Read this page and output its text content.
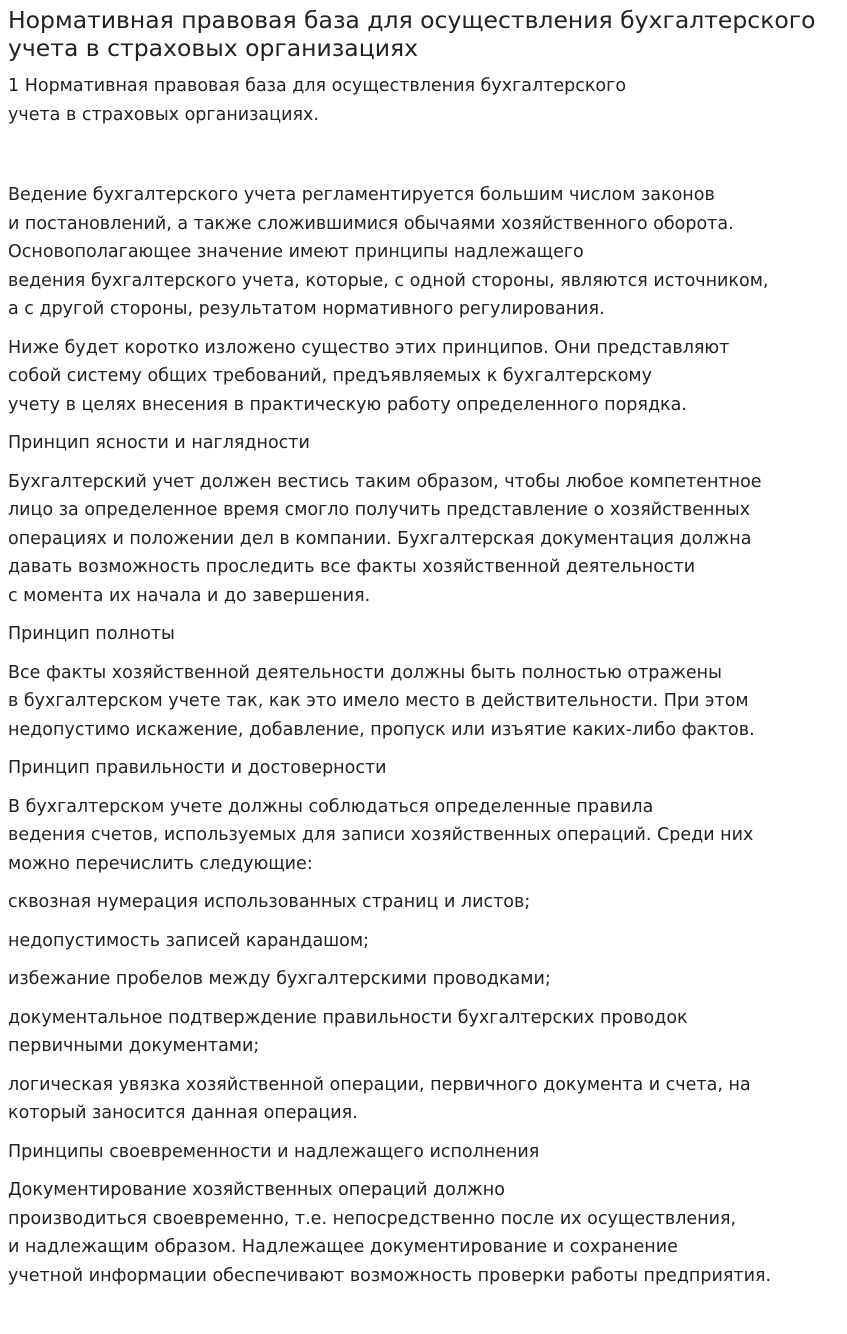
Нормативная правовая база для осуществления бухгалтерского
учета в страховых организациях

1 Нормативная правовая база для осуществления бухгалтерского
учета в страховых организациях.

Ведение бухгалтерского учета регламентируется большим числом законов
и постановлений, а также сложившимися обычаями хозяйственного оборота.
Основополагающее значение имеют принципы надлежащего
ведения бухгалтерского учета, которые, с одной стороны, являются источником,
а с другой стороны, результатом нормативного регулирования.

Ниже будет коротко изложено существо этих принципов. Они представляют
собой систему общих требований, предъявляемых к бухгалтерскому
учету в целях внесения в практическую работу определенного порядка.

Принцип ясности и наглядности

Бухгалтерский учет должен вестись таким образом, чтобы любое компетентное
лицо за определенное время смогло получить представление о хозяйственных
операциях и положении дел в компании. Бухгалтерская документация должна
давать возможность проследить все факты хозяйственной деятельности
с момента их начала и до завершения.

Принцип полноты

Все факты хозяйственной деятельности должны быть полностью отражены
в бухгалтерском учете так, как это имело место в действительности. При этом
недопустимо искажение, добавление, пропуск или изъятие каких-либо фактов.

Принцип правильности и достоверности

В бухгалтерском учете должны соблюдаться определенные правила
ведения счетов, используемых для записи хозяйственных операций. Среди них
можно перечислить следующие:

сквозная нумерация использованных страниц и листов;

недопустимость записей карандашом;

избежание пробелов между бухгалтерскими проводками;

документальное подтверждение правильности бухгалтерских проводок
первичными документами;

логическая увязка хозяйственной операции, первичного документа и счета, на
который заносится данная операция.

Принципы своевременности и надлежащего исполнения

Документирование хозяйственных операций должно
производиться своевременно, т.е. непосредственно после их осуществления,
и надлежащим образом. Надлежащее документирование и сохранение
учетной информации обеспечивают возможность проверки работы предприятия.
